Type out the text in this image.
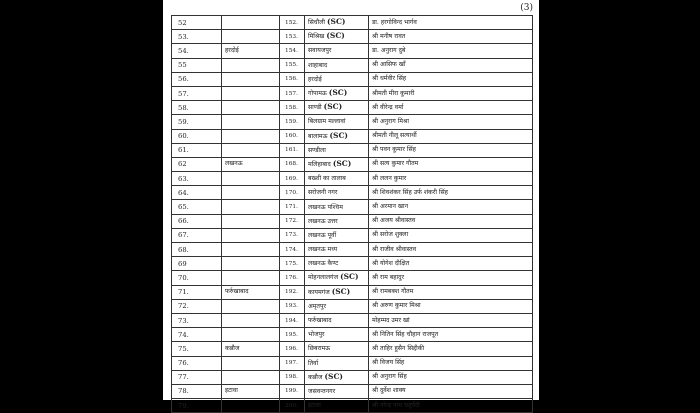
(3)
52		152.	सिधौली (SC)	डा. हरगोविन्द भार्गव
53.		153.	मिश्रिख (SC)	श्री मनीष रावत
54.	हरदोई	154.	सवायजपुर	डा. अनुराग दुबे
55		155.	शाहाबाद	श्री आसिफ खाँ
56.		156.	हरदोई	श्री धर्मवीर सिंह
57.		157.	गोपामऊ (SC)	श्रीमती मीरा कुमारी
58.		158.	साण्डी (SC)	श्री वीरेन्द्र वर्मा
59.		159.	बिलग्राम मल्लावां	श्री अनुराग मिश्रा
60.		160.	बालामऊ (SC)	श्रीमती नीलू सत्यार्थी
61.		161.	सण्डीला	श्री पवन कुमार सिंह
62	लखनऊ	168.	मलिहाबाद (SC)	श्री सत्य कुमार गौतम
63.		169.	बख्शी का तालाब	श्री ललन कुमार
64.		170.	सरोजनी नगर	श्री शिवशंकर सिंह उर्फ शंकरी सिंह
65.		171.	लखनऊ पश्चिम	श्री अरमान खान
66.		172.	लखनऊ उत्तर	श्री अजय श्रीवास्तव
67.		173.	लखनऊ पूर्वी	श्री सरोज शुक्ला
68.		174.	लखनऊ मध्य	श्री राजीव श्रीवास्तव
69		175.	लखनऊ कैण्ट	श्री योगेश दीक्षित
70.		176.	मोहनलालगंज (SC)	श्री राम बहादुर
71.	फर्रुखाबाद	192.	कायमगंज (SC)	श्री रामबक्श गौतम
72.		193.	अमृतपुर	श्री अरुण कुमार मिश्रा
73.		194.	फर्रुखाबाद	मोहम्मद उमर खां
74.		195.	भोजपुर	श्री नितिन सिंह चौहान राजपूत
75.	कन्नौज	196.	छिबरामऊ	श्री ताहिर हुसैन सिद्दीकी
76.		197.	तिर्वा	श्री विजय सिंह
77.		198.	कन्नौज (SC)	श्री अनुराग सिंह
78.	इटावा	199.	जसवन्तनगर	श्री दुर्वेश शाक्य
79.		200.	इटावा	श्री नरेन्द्र नाथ चतुर्वेदी
